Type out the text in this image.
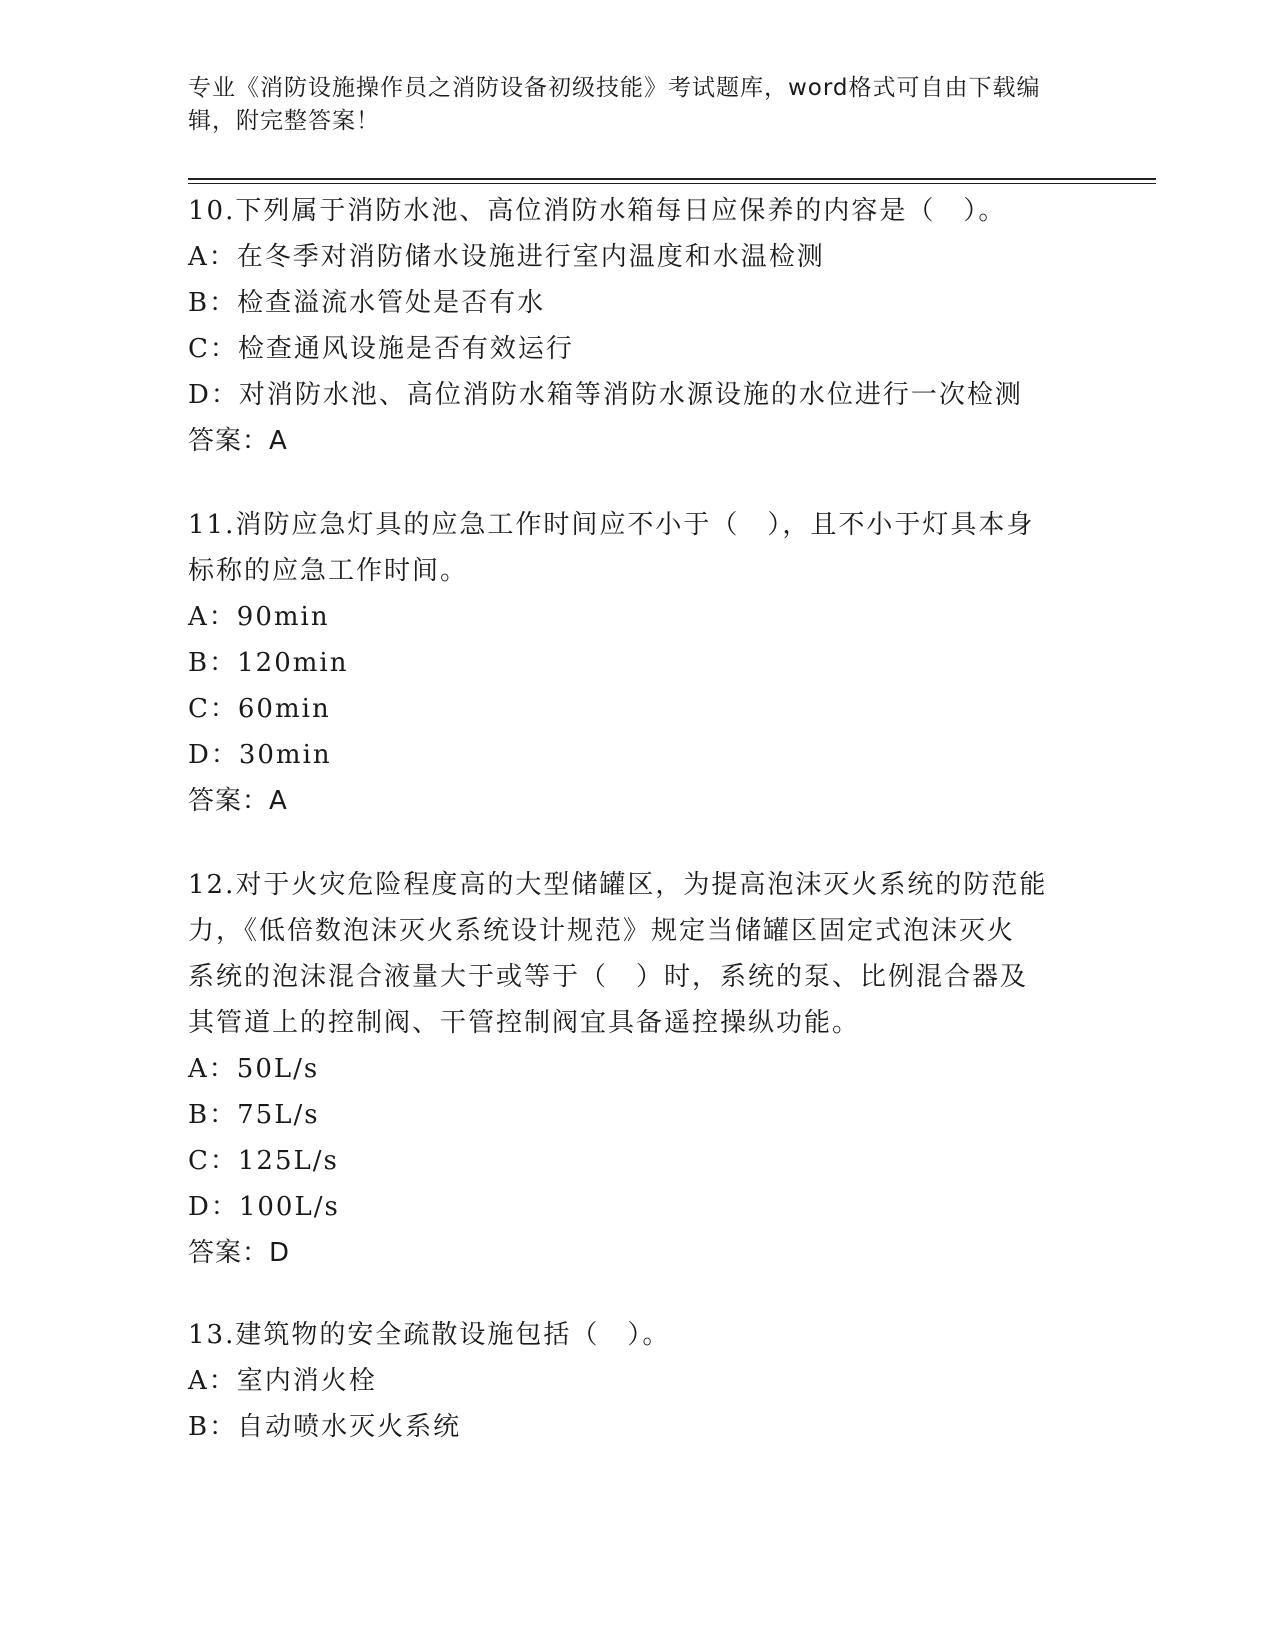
专业《消防设施操作员之消防设备初级技能》考试题库，word格式可自由下载编
辑，附完整答案！
10.下列属于消防水池、高位消防水箱每日应保养的内容是（　）。
A：在冬季对消防储水设施进行室内温度和水温检测
B：检查溢流水管处是否有水
C：检查通风设施是否有效运行
D：对消防水池、高位消防水箱等消防水源设施的水位进行一次检测
答案：A
11.消防应急灯具的应急工作时间应不小于（　），且不小于灯具本身
标称的应急工作时间。
A：90min
B：120min
C：60min
D：30min
答案：A
12.对于火灾危险程度高的大型储罐区，为提高泡沫灭火系统的防范能
力，《低倍数泡沫灭火系统设计规范》规定当储罐区固定式泡沫灭火
系统的泡沫混合液量大于或等于（　）时，系统的泵、比例混合器及
其管道上的控制阀、干管控制阀宜具备遥控操纵功能。
A：50L/s
B：75L/s
C：125L/s
D：100L/s
答案：D
13.建筑物的安全疏散设施包括（　）。
A：室内消火栓
B：自动喷水灭火系统
